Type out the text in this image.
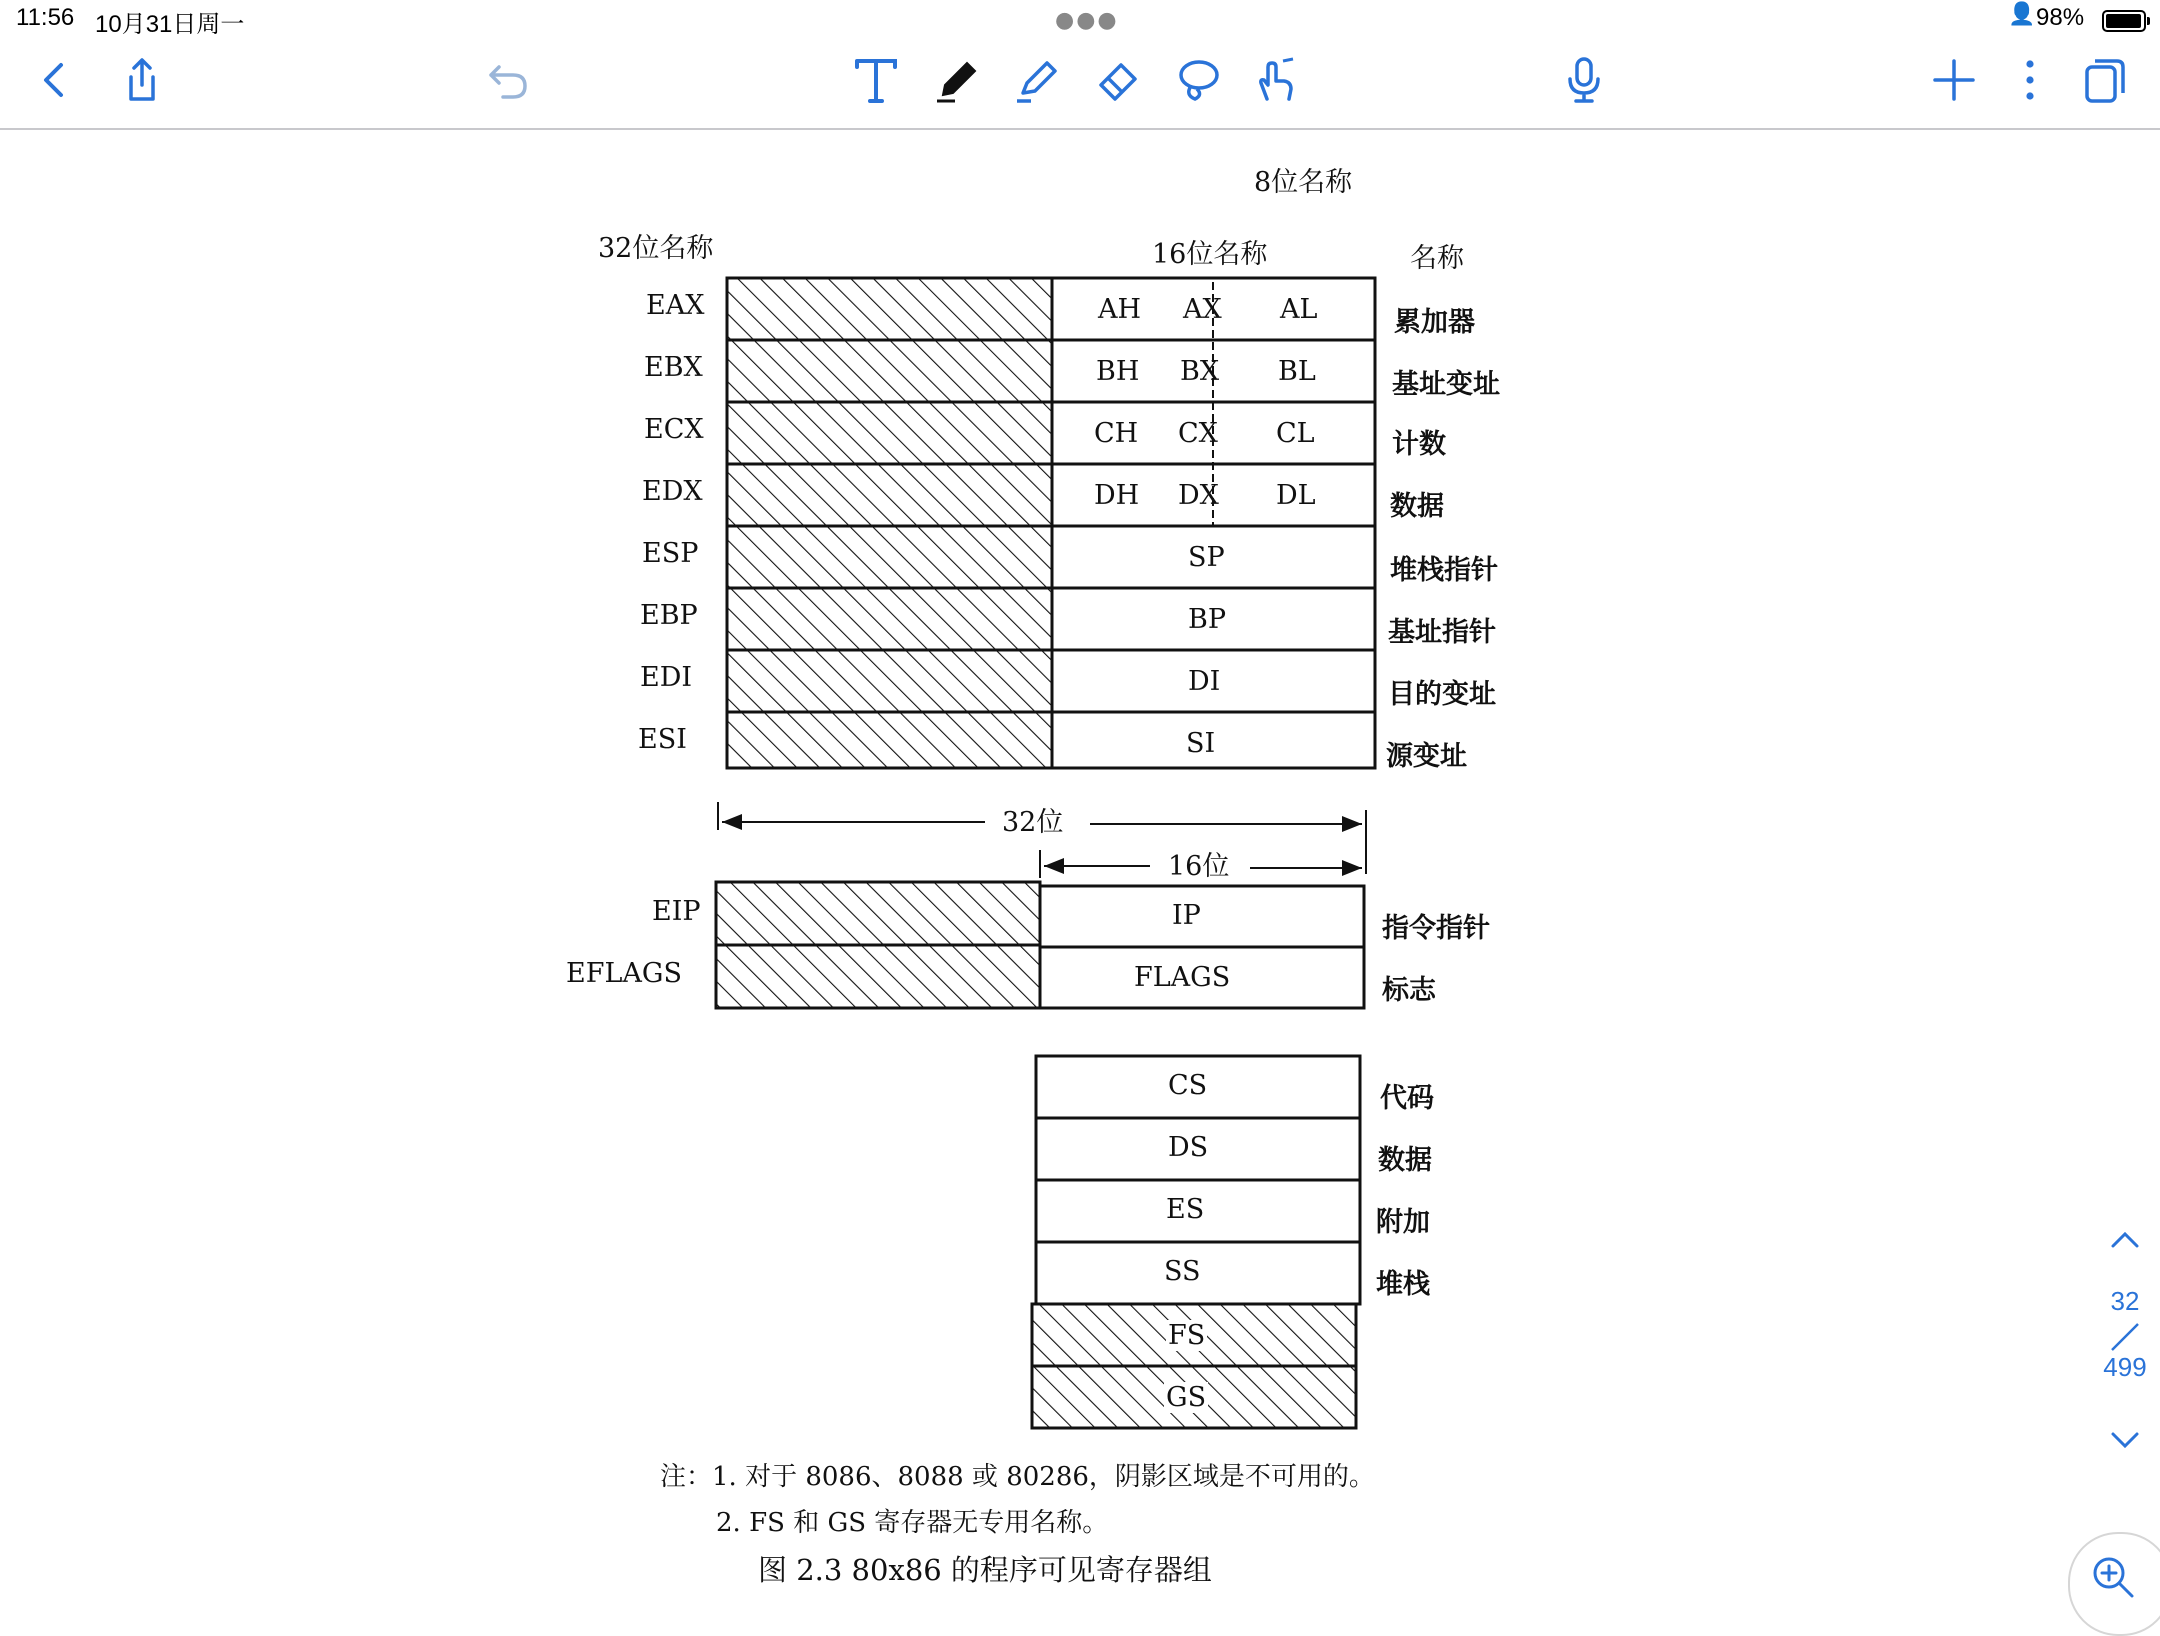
11:56 10月31日周一	●●●	👤 98%
8位名称
32位名称	16位名称	名称
EAX	AH AX AL	累加器
EBX	BH BX BL	基址变址
ECX	CH CX CL	计数
EDX	DH DX DL	数据
ESP	SP	堆栈指针
EBP	BP	基址指针
EDI	DI	目的变址
ESI	SI	源变址
32位
16位
EIP	IP	指令指针
EFLAGS	FLAGS	标志
CS	代码
DS	数据
ES	附加
SS	堆栈
FS
GS
注：1. 对于 8086、8088 或 80286，阴影区域是不可用的。
2. FS 和 GS 寄存器无专用名称。
图 2.3 80x86 的程序可见寄存器组
32
499
